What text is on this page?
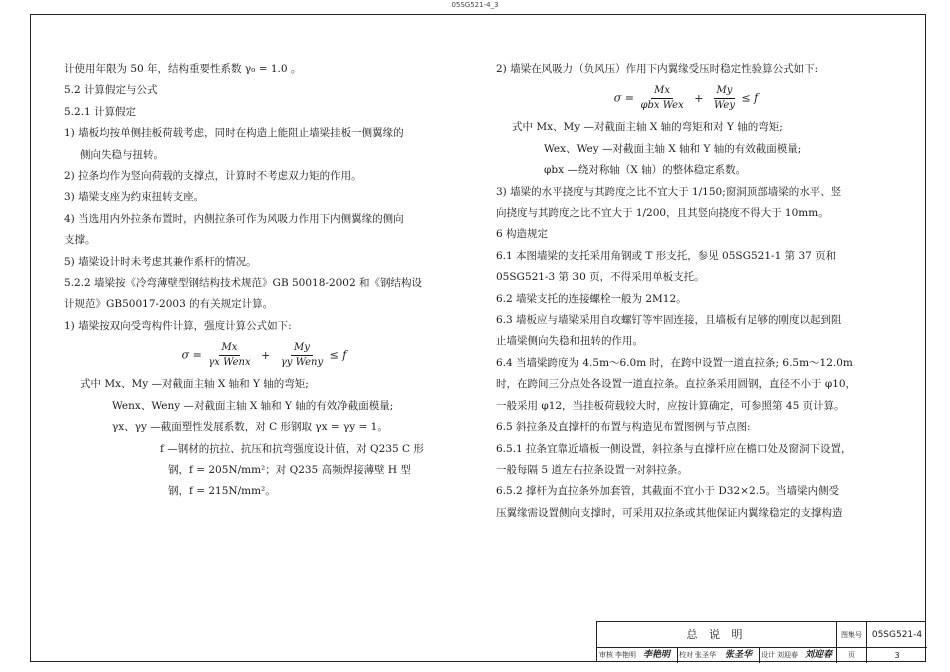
05SG521-4_3
计使用年限为 50 年，结构重要性系数 γ₀ = 1.0 。
5.2 计算假定与公式
5.2.1 计算假定
1) 墙板均按单侧挂板荷载考虑，同时在构造上能阻止墙梁挂板一侧翼缘的
侧向失稳与扭转。
2) 拉条均作为竖向荷载的支撑点，计算时不考虑双力矩的作用。
3) 墙梁支座为约束扭转支座。
4) 当选用内外拉条布置时，内侧拉条可作为风吸力作用下内侧翼缘的侧向
支撑。
5) 墙梁设计时未考虑其兼作系杆的情况。
5.2.2 墙梁按《冷弯薄壁型钢结构技术规范》GB 50018-2002 和《钢结构设
计规范》GB50017-2003 的有关规定计算。
1) 墙梁按双向受弯构件计算，强度计算公式如下:
$\sigma = \frac{Mx}{\text{γx Wenx}} + \frac{My}{\text{γy Weny}} \le f$
式中 Mx、My —对截面主轴 X 轴和 Y 轴的弯矩;
Wenx、Weny —对截面主轴 X 轴和 Y 轴的有效净截面模量;
γx、γy —截面塑性发展系数，对 C 形钢取 γx = γy = 1。
f —钢材的抗拉、抗压和抗弯强度设计值，对 Q235 C 形
钢，f = 205N/mm²；对 Q235 高频焊接薄壁 H 型
钢，f = 215N/mm²。
2) 墙梁在风吸力（负风压）作用下内翼缘受压时稳定性验算公式如下:
$\sigma = \frac{Mx}{\text{φbx Wex}} + \frac{My}{\text{Wey}} \le f$
式中 Mx、My —对截面主轴 X 轴的弯矩和对 Y 轴的弯矩;
Wex、Wey —对截面主轴 X 轴和 Y 轴的有效截面模量;
φbx —绕对称轴（X 轴）的整体稳定系数。
3) 墙梁的水平挠度与其跨度之比不宜大于 1/150;窗洞顶部墙梁的水平、竖
向挠度与其跨度之比不宜大于 1/200，且其竖向挠度不得大于 10mm。
6 构造规定
6.1 本图墙梁的支托采用角钢或 T 形支托，参见 05SG521-1 第 37 页和
05SG521-3 第 30 页，不得采用单板支托。
6.2 墙梁支托的连接螺栓一般为 2M12。
6.3 墙板应与墙梁采用自攻螺钉等牢固连接，且墙板有足够的刚度以起到阻
止墙梁侧向失稳和扭转的作用。
6.4 当墙梁跨度为 4.5m～6.0m 时，在跨中设置一道直拉条; 6.5m～12.0m
时，在跨间三分点处各设置一道直拉条。直拉条采用圆钢，直径不小于 φ10，
一般采用 φ12，当挂板荷载较大时，应按计算确定，可参照第 45 页计算。
6.5 斜拉条及直撑杆的布置与构造见布置图例与节点图:
6.5.1 拉条宜靠近墙板一侧设置，斜拉条与直撑杆应在檐口处及窗洞下设置，
一般每隔 5 道左右拉条设置一对斜拉条。
6.5.2 撑杆为直拉条外加套管，其截面不宜小于 D32×2.5。当墙梁内侧受
压翼缘需设置侧向支撑时，可采用双拉条或其他保证内翼缘稳定的支撑构造
总 说 明	图集号	05SG521-4
审核 李艳明 李艳明 校对 张圣华 张圣华 设计 刘迎春 刘迎春	页	3
